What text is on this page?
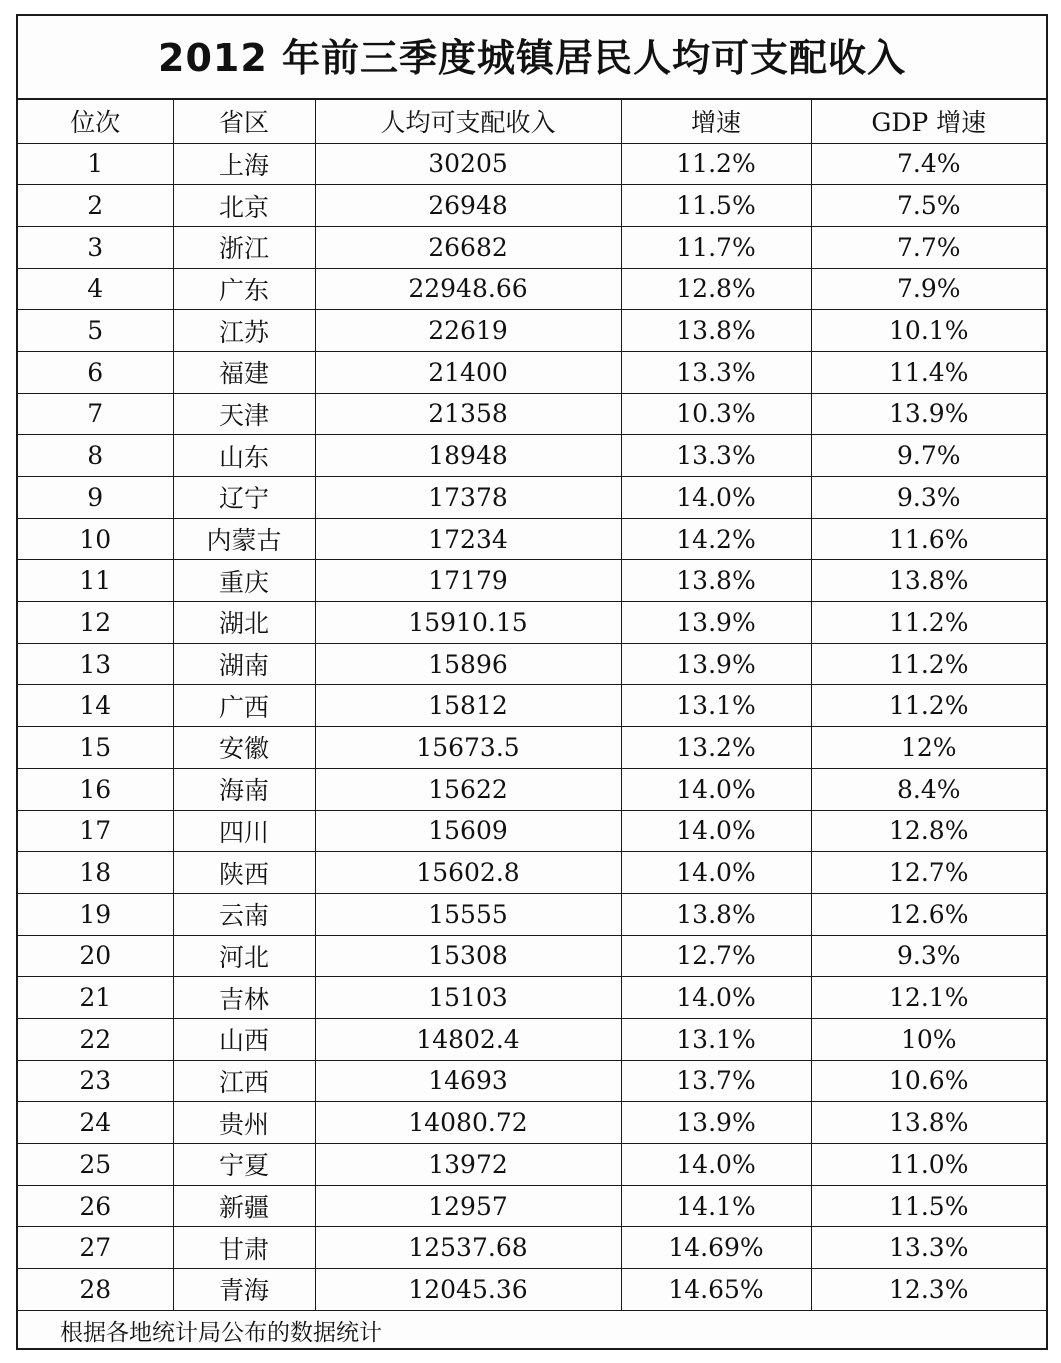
2012 年前三季度城镇居民人均可支配收入
位次	省区	人均可支配收入	增速	GDP 增速
1	上海	30205	11.2%	7.4%
2	北京	26948	11.5%	7.5%
3	浙江	26682	11.7%	7.7%
4	广东	22948.66	12.8%	7.9%
5	江苏	22619	13.8%	10.1%
6	福建	21400	13.3%	11.4%
7	天津	21358	10.3%	13.9%
8	山东	18948	13.3%	9.7%
9	辽宁	17378	14.0%	9.3%
10	内蒙古	17234	14.2%	11.6%
11	重庆	17179	13.8%	13.8%
12	湖北	15910.15	13.9%	11.2%
13	湖南	15896	13.9%	11.2%
14	广西	15812	13.1%	11.2%
15	安徽	15673.5	13.2%	12%
16	海南	15622	14.0%	8.4%
17	四川	15609	14.0%	12.8%
18	陕西	15602.8	14.0%	12.7%
19	云南	15555	13.8%	12.6%
20	河北	15308	12.7%	9.3%
21	吉林	15103	14.0%	12.1%
22	山西	14802.4	13.1%	10%
23	江西	14693	13.7%	10.6%
24	贵州	14080.72	13.9%	13.8%
25	宁夏	13972	14.0%	11.0%
26	新疆	12957	14.1%	11.5%
27	甘肃	12537.68	14.69%	13.3%
28	青海	12045.36	14.65%	12.3%
根据各地统计局公布的数据统计
